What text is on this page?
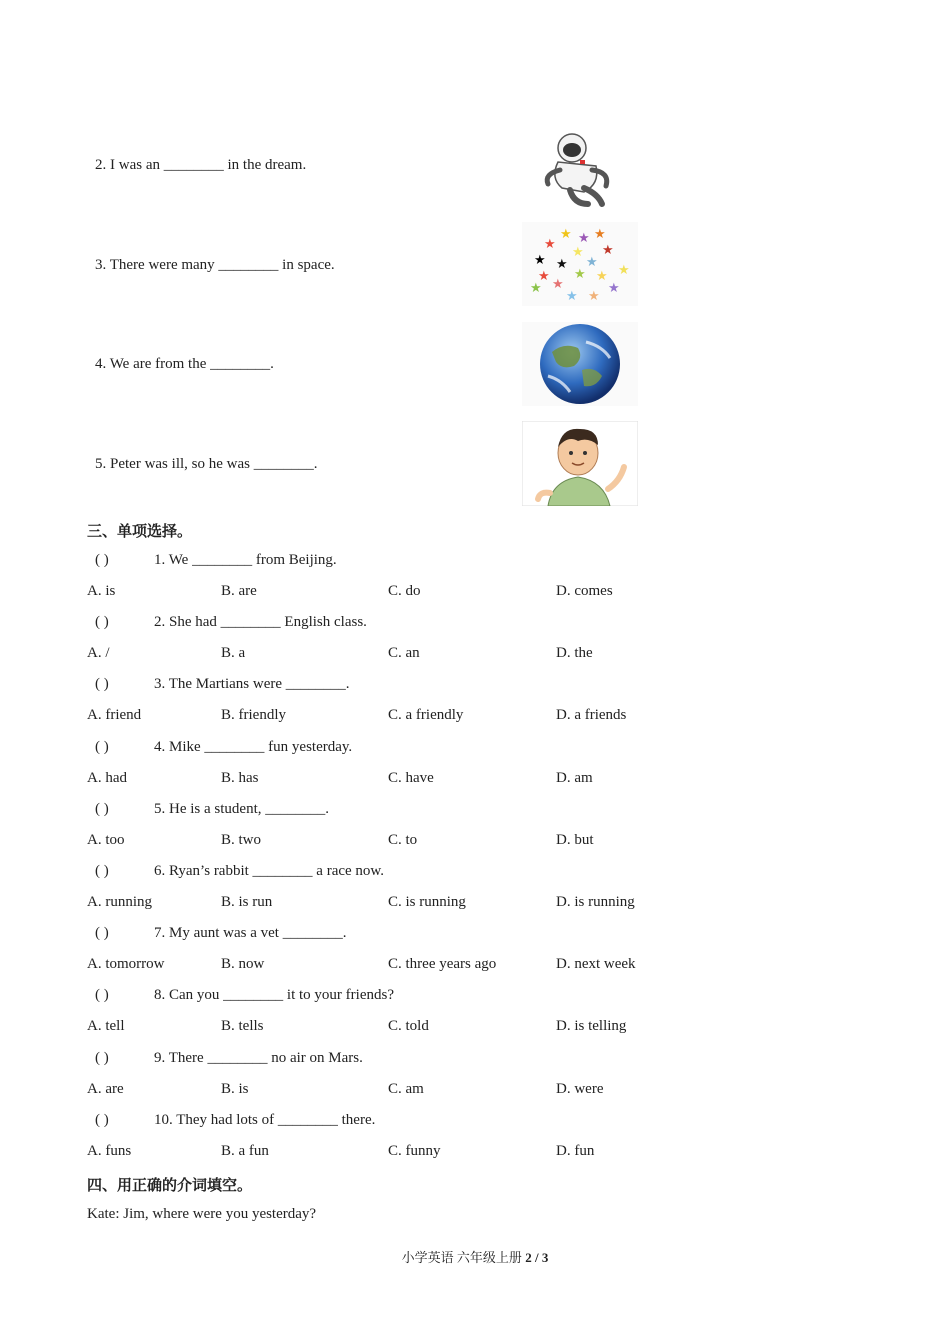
2. I was an ________ in the dream.
3. There were many ________ in space.
4. We are from the ________.
5. Peter was ill, so he was ________.
★ ★ ★
★
★ ★
★ ★ ★
★
★ ★ ★
★ ★
★ ★
★
三、单项选择。
( )	1. We ________ from Beijing.
A. is	B. are	C. do	D. comes
( )	2. She had ________ English class.
A. /	B. a	C. an	D. the
( )	3. The Martians were ________.
A. friend	B. friendly	C. a friendly	D. a friends
( )	4. Mike ________ fun yesterday.
A. had	B. has	C. have	D. am
( )	5. He is a student, ________.
A. too	B. two	C. to	D. but
( )	6. Ryan’s rabbit ________ a race now.
A. running	B. is run	C. is running	D. is running
( )	7. My aunt was a vet ________.
A. tomorrow	B. now	C. three years ago	D. next week
( )	8. Can you ________ it to your friends?
A. tell	B. tells	C. told	D. is telling
( )	9. There ________ no air on Mars.
A. are	B. is	C. am	D. were
( )	10. They had lots of ________ there.
A. funs	B. a fun	C. funny	D. fun
四、用正确的介词填空。
Kate: Jim, where were you yesterday?
小学英语 六年级上册 2 / 3
